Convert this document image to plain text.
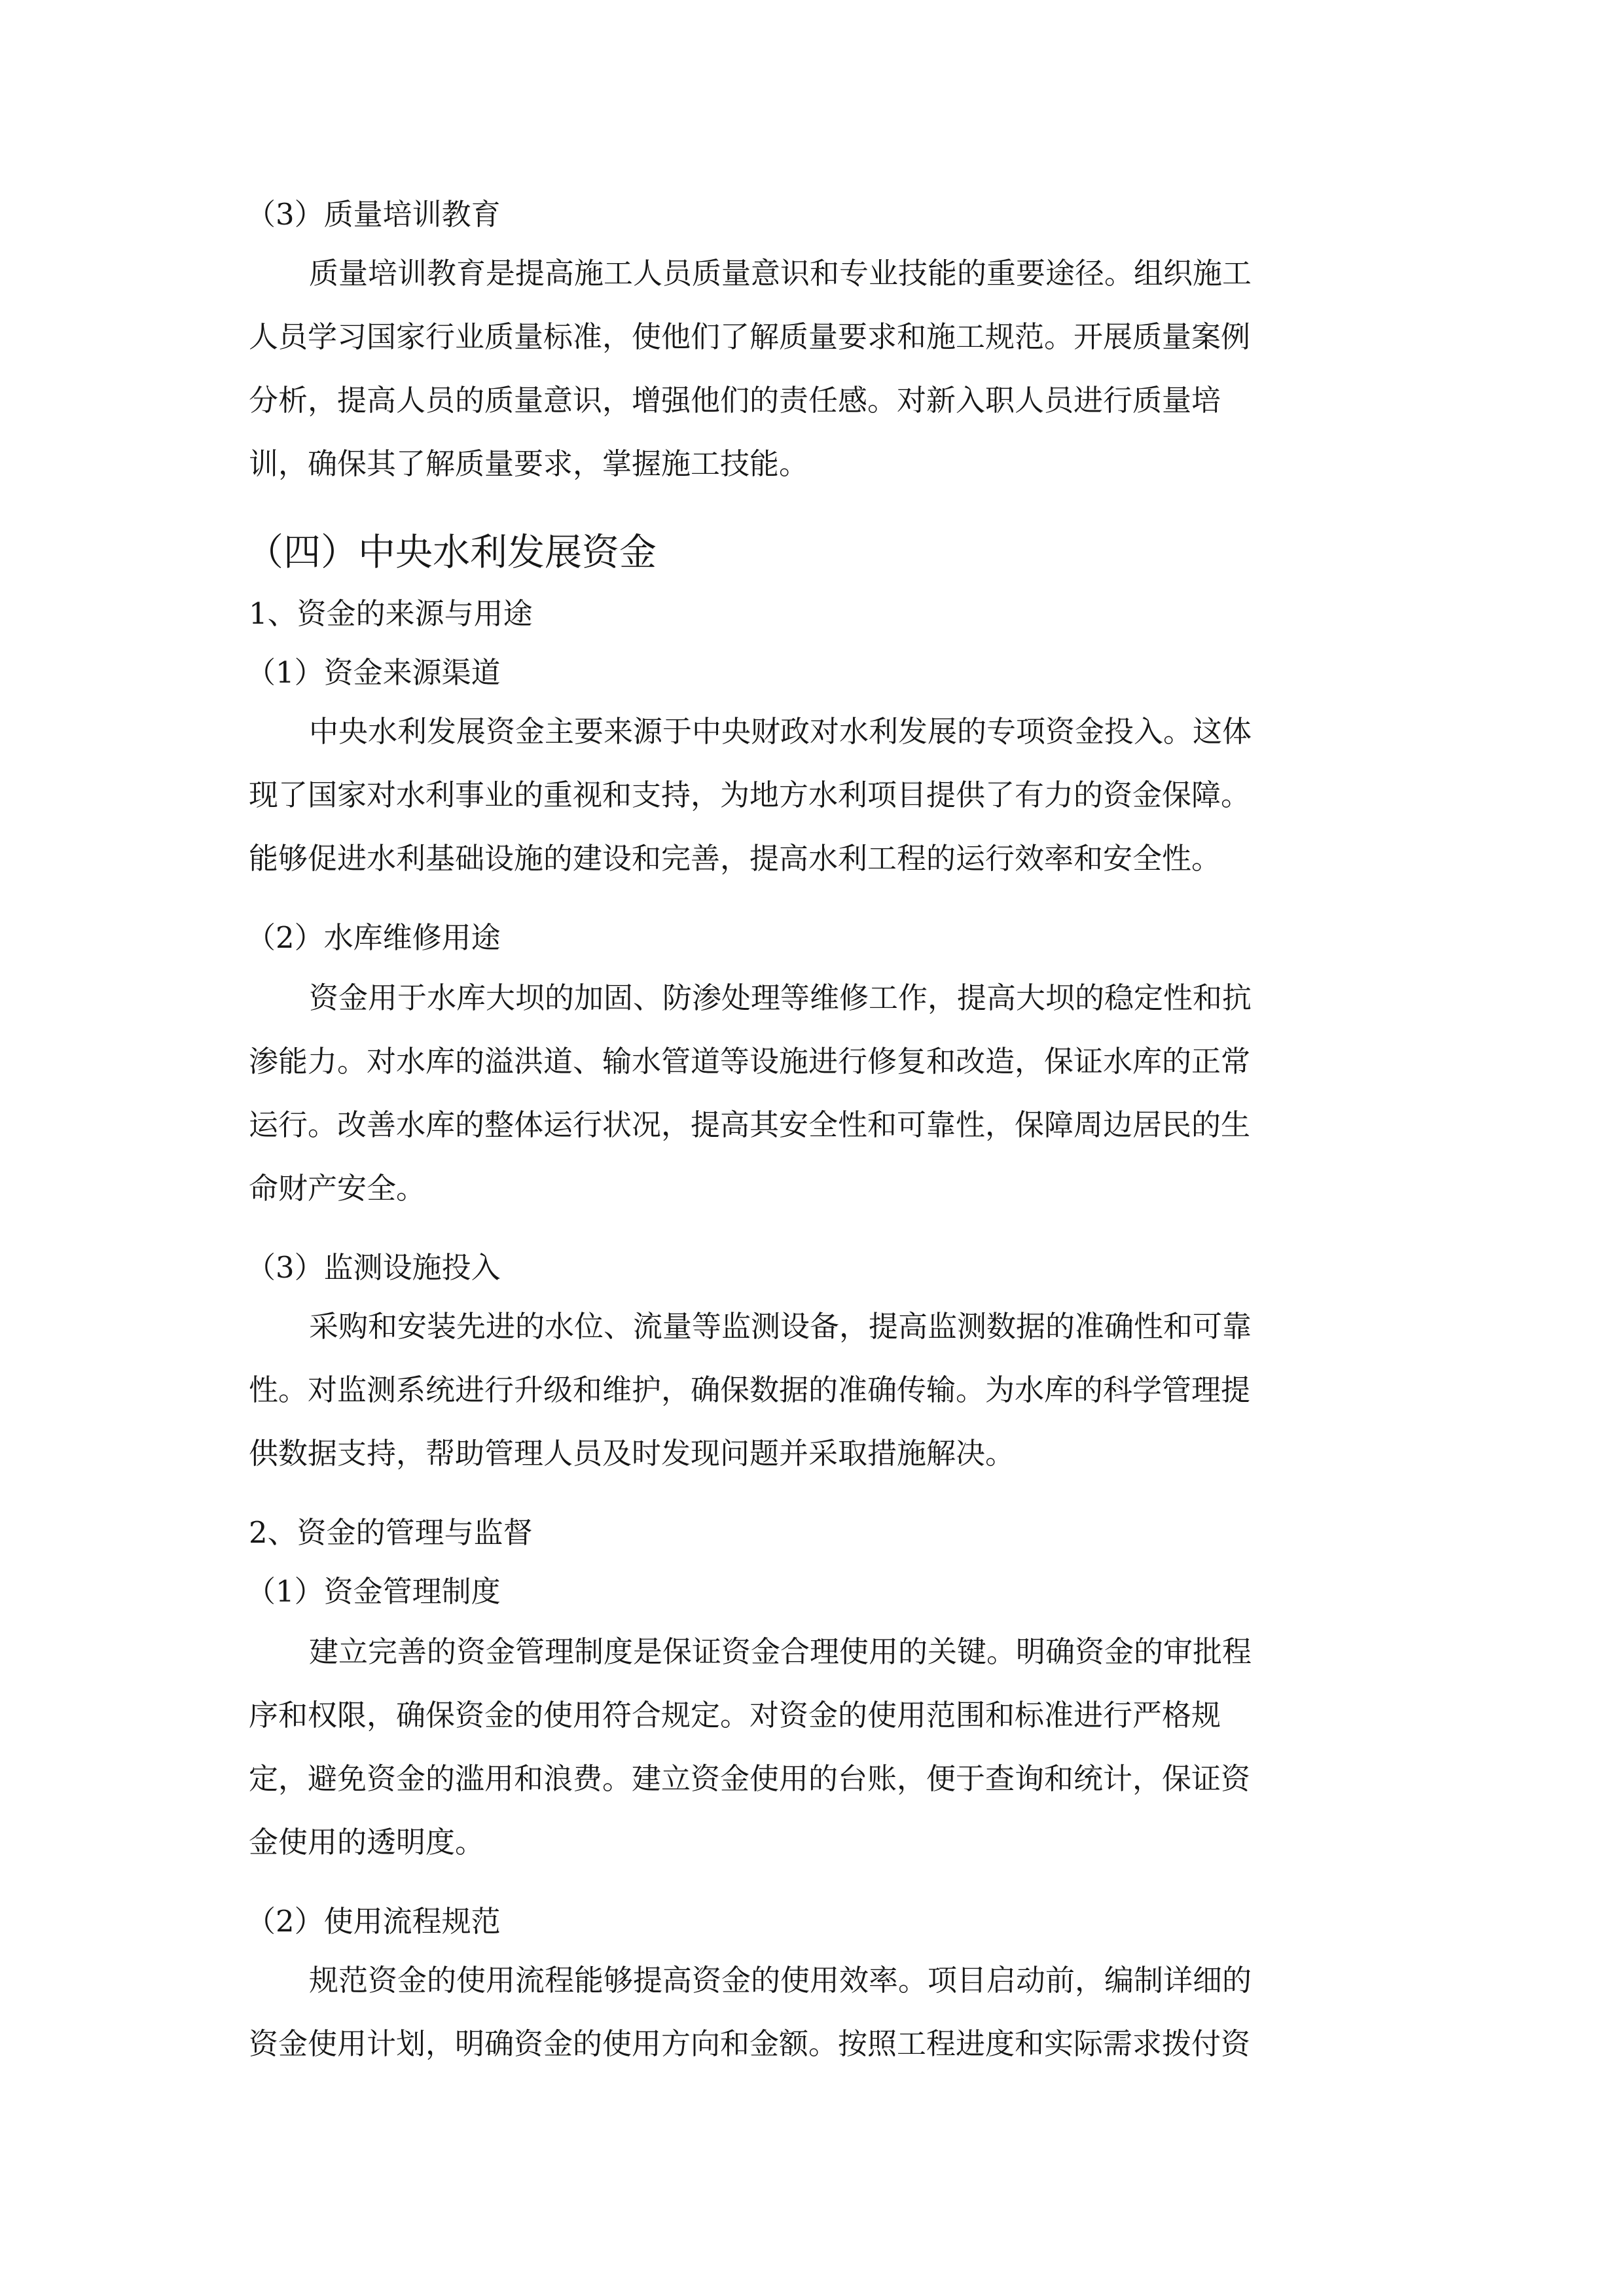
（3）质量培训教育

质量培训教育是提高施工人员质量意识和专业技能的重要途径。组织施工

人员学习国家行业质量标准，使他们了解质量要求和施工规范。开展质量案例

分析，提高人员的质量意识，增强他们的责任感。对新入职人员进行质量培

训，确保其了解质量要求，掌握施工技能。

（四）中央水利发展资金

1、资金的来源与用途

（1）资金来源渠道

中央水利发展资金主要来源于中央财政对水利发展的专项资金投入。这体

现了国家对水利事业的重视和支持，为地方水利项目提供了有力的资金保障。

能够促进水利基础设施的建设和完善，提高水利工程的运行效率和安全性。

（2）水库维修用途

资金用于水库大坝的加固、防渗处理等维修工作，提高大坝的稳定性和抗

渗能力。对水库的溢洪道、输水管道等设施进行修复和改造，保证水库的正常

运行。改善水库的整体运行状况，提高其安全性和可靠性，保障周边居民的生

命财产安全。

（3）监测设施投入

采购和安装先进的水位、流量等监测设备，提高监测数据的准确性和可靠

性。对监测系统进行升级和维护，确保数据的准确传输。为水库的科学管理提

供数据支持，帮助管理人员及时发现问题并采取措施解决。

2、资金的管理与监督

（1）资金管理制度

建立完善的资金管理制度是保证资金合理使用的关键。明确资金的审批程

序和权限，确保资金的使用符合规定。对资金的使用范围和标准进行严格规

定，避免资金的滥用和浪费。建立资金使用的台账，便于查询和统计，保证资

金使用的透明度。

（2）使用流程规范

规范资金的使用流程能够提高资金的使用效率。项目启动前，编制详细的

资金使用计划，明确资金的使用方向和金额。按照工程进度和实际需求拨付资
